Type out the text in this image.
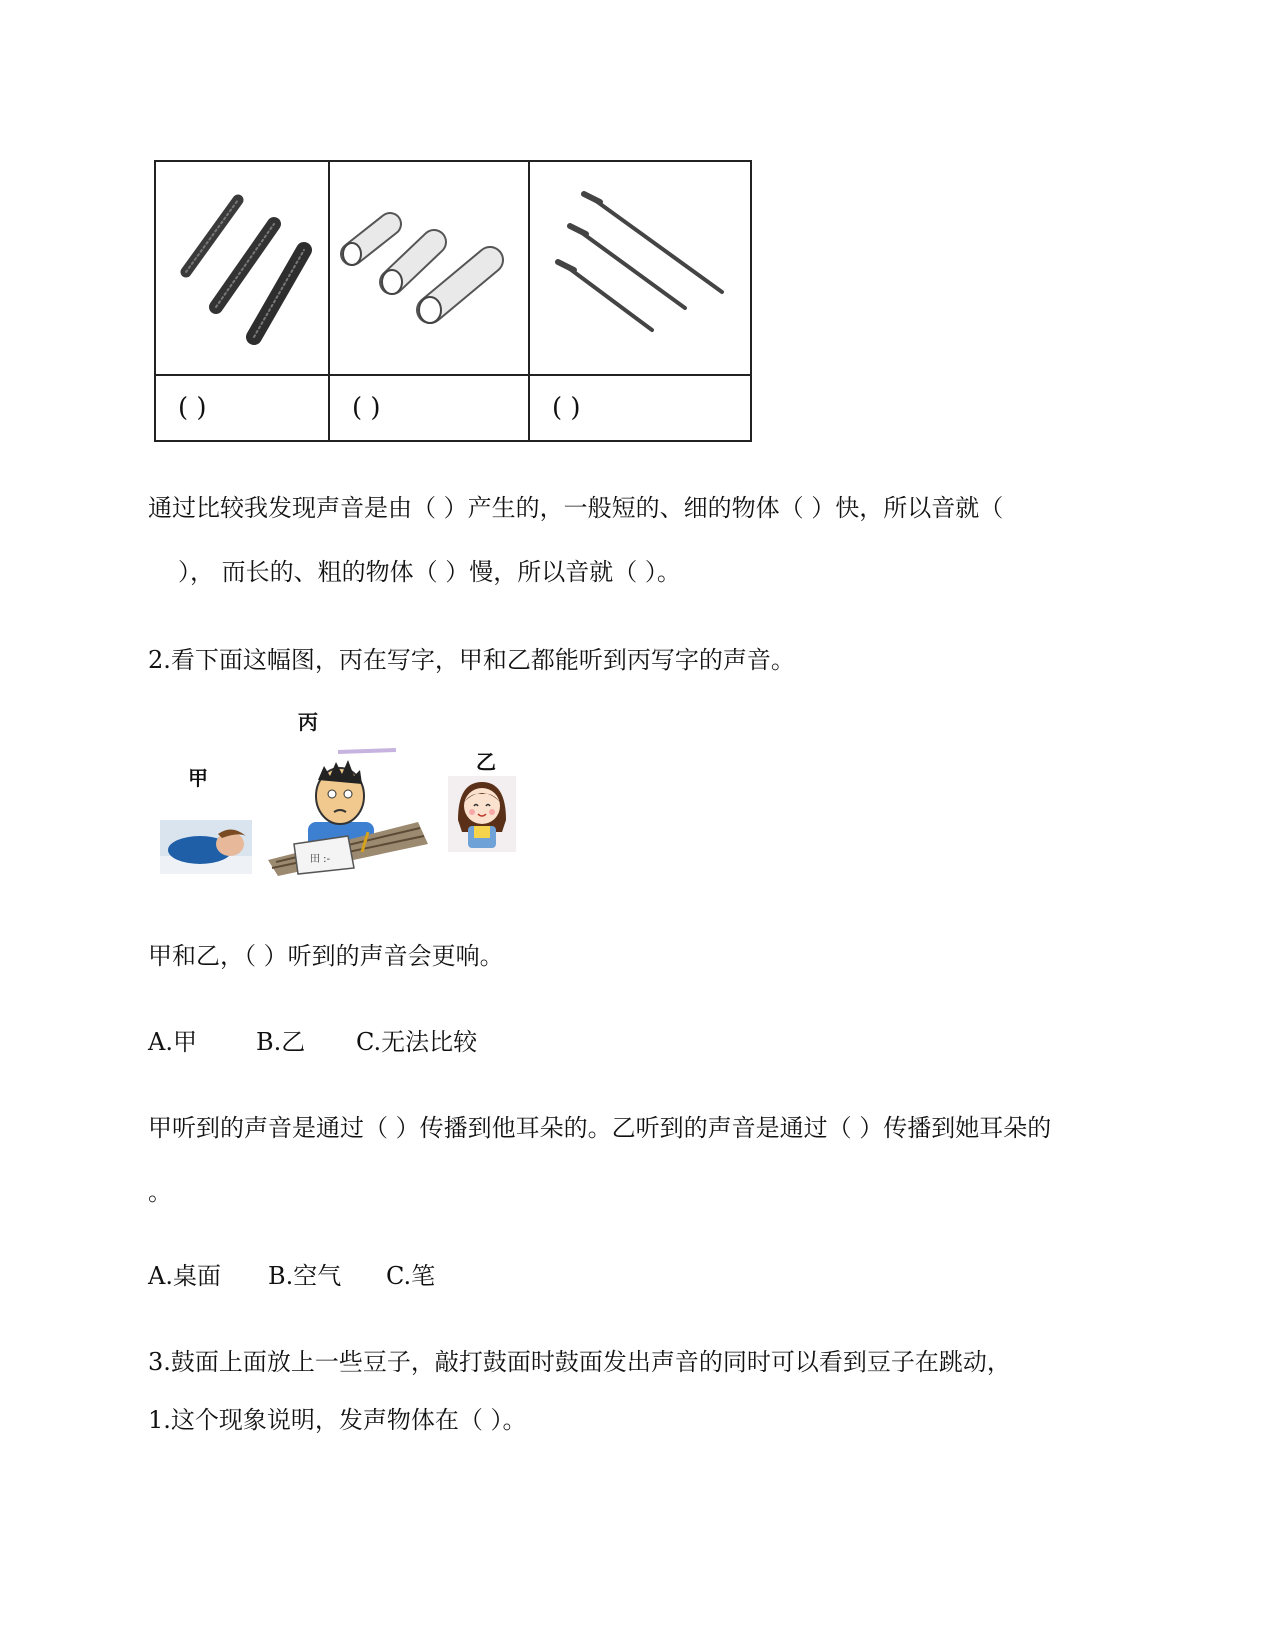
( )	( )	( )
通过比较我发现声音是由（ ）产生的，一般短的、细的物体（ ）快，所以音就（
）， 而长的、粗的物体（ ）慢，所以音就（ ）。
2.看下面这幅图，丙在写字，甲和乙都能听到丙写字的声音。
丙
甲
乙
田 :-
甲和乙，（ ）听到的声音会更响。
A.甲 B.乙 C.无法比较
甲听到的声音是通过（ ）传播到他耳朵的。乙听到的声音是通过（ ）传播到她耳朵的
。
A.桌面 B.空气 C.笔
3.鼓面上面放上一些豆子，敲打鼓面时鼓面发出声音的同时可以看到豆子在跳动，
1.这个现象说明，发声物体在（ ）。
